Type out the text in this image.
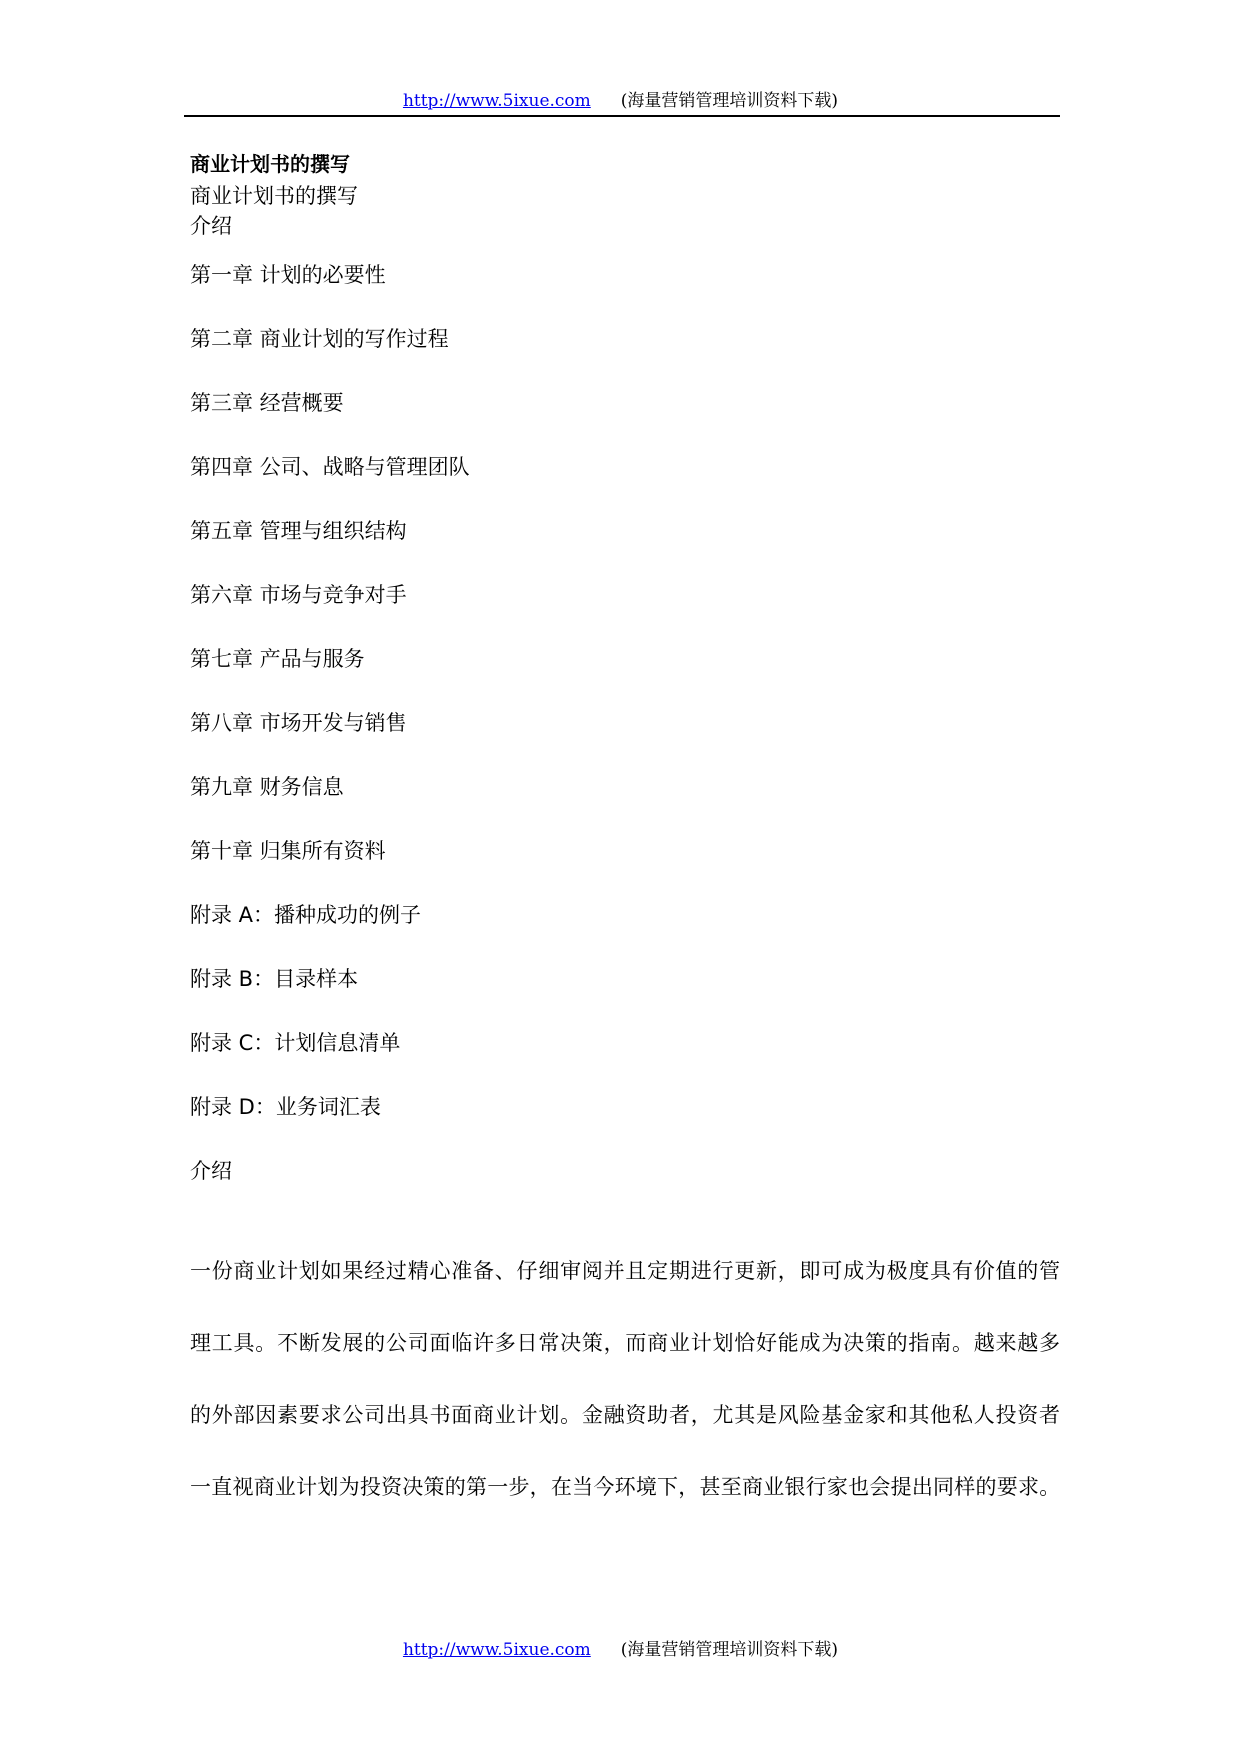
http://www.5ixue.com (海量营销管理培训资料下载)
商业计划书的撰写
商业计划书的撰写
介绍
第一章 计划的必要性
第二章 商业计划的写作过程
第三章 经营概要
第四章 公司、战略与管理团队
第五章 管理与组织结构
第六章 市场与竞争对手
第七章 产品与服务
第八章 市场开发与销售
第九章 财务信息
第十章 归集所有资料
附录 A：播种成功的例子
附录 B：目录样本
附录 C：计划信息清单
附录 D：业务词汇表
介绍
一份商业计划如果经过精心准备、仔细审阅并且定期进行更新，即可成为极度具有价值的管
理工具。不断发展的公司面临许多日常决策，而商业计划恰好能成为决策的指南。越来越多
的外部因素要求公司出具书面商业计划。金融资助者，尤其是风险基金家和其他私人投资者
一直视商业计划为投资决策的第一步，在当今环境下，甚至商业银行家也会提出同样的要求。
http://www.5ixue.com (海量营销管理培训资料下载)
